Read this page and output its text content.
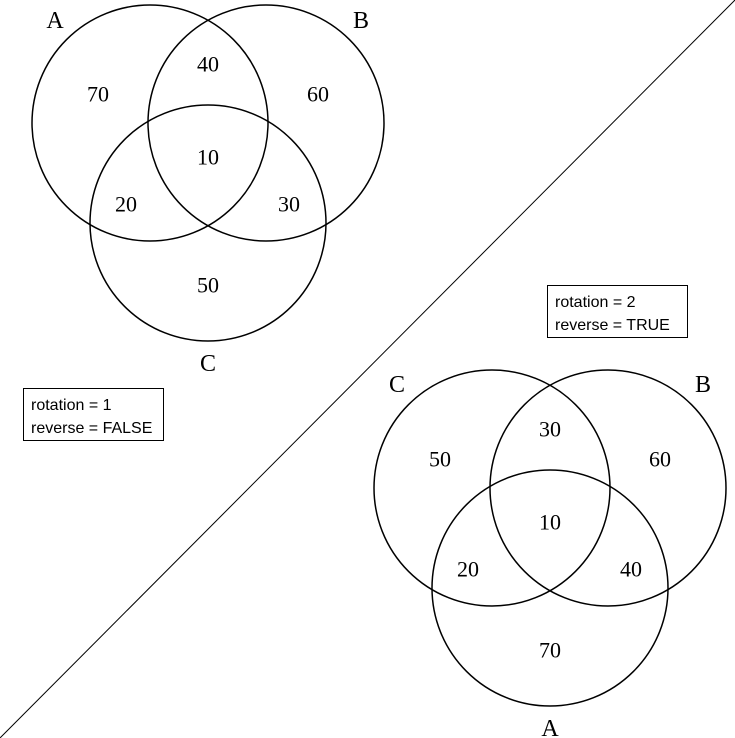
A	B
C
70
40
60
10
20	30
50
C	B
A
50
30
60
10
20	40
70
rotation = 1
reverse = FALSE
rotation = 2
reverse = TRUE
